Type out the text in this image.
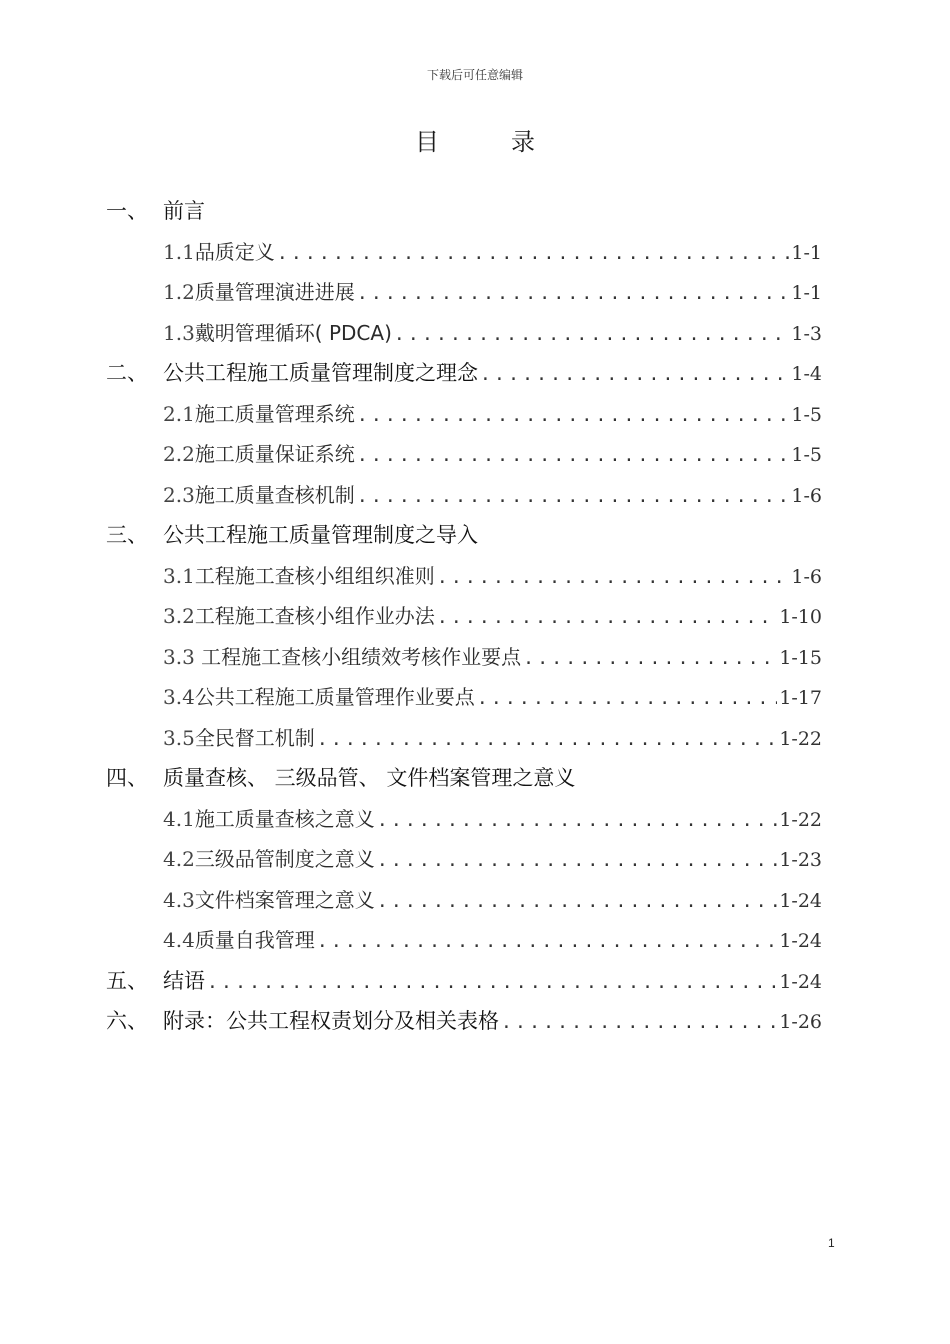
下载后可任意编辑
目	录
一、 前言
1.1品质定义 .....	1-1
1.2质量管理演进进展 .....	1-1
1.3戴明管理循环( PDCA) .....	1-3
二、 公共工程施工质量管理制度之理念 .....	1-4
2.1施工质量管理系统 .....	1-5
2.2施工质量保证系统 .....	1-5
2.3施工质量查核机制 .....	1-6
三、 公共工程施工质量管理制度之导入
3.1工程施工查核小组组织准则 .....	1-6
3.2工程施工查核小组作业办法 .....	1-10
3.3 工程施工查核小组绩效考核作业要点 .....	1-15
3.4公共工程施工质量管理作业要点 .....	1-17
3.5全民督工机制 .....	1-22
四、 质量查核、 三级品管、 文件档案管理之意义
4.1施工质量查核之意义 .....	1-22
4.2三级品管制度之意义 .....	1-23
4.3文件档案管理之意义 .....	1-24
4.4质量自我管理 .....	1-24
五、 结语 .....	1-24
六、 附录：公共工程权责划分及相关表格 .....	1-26
1
